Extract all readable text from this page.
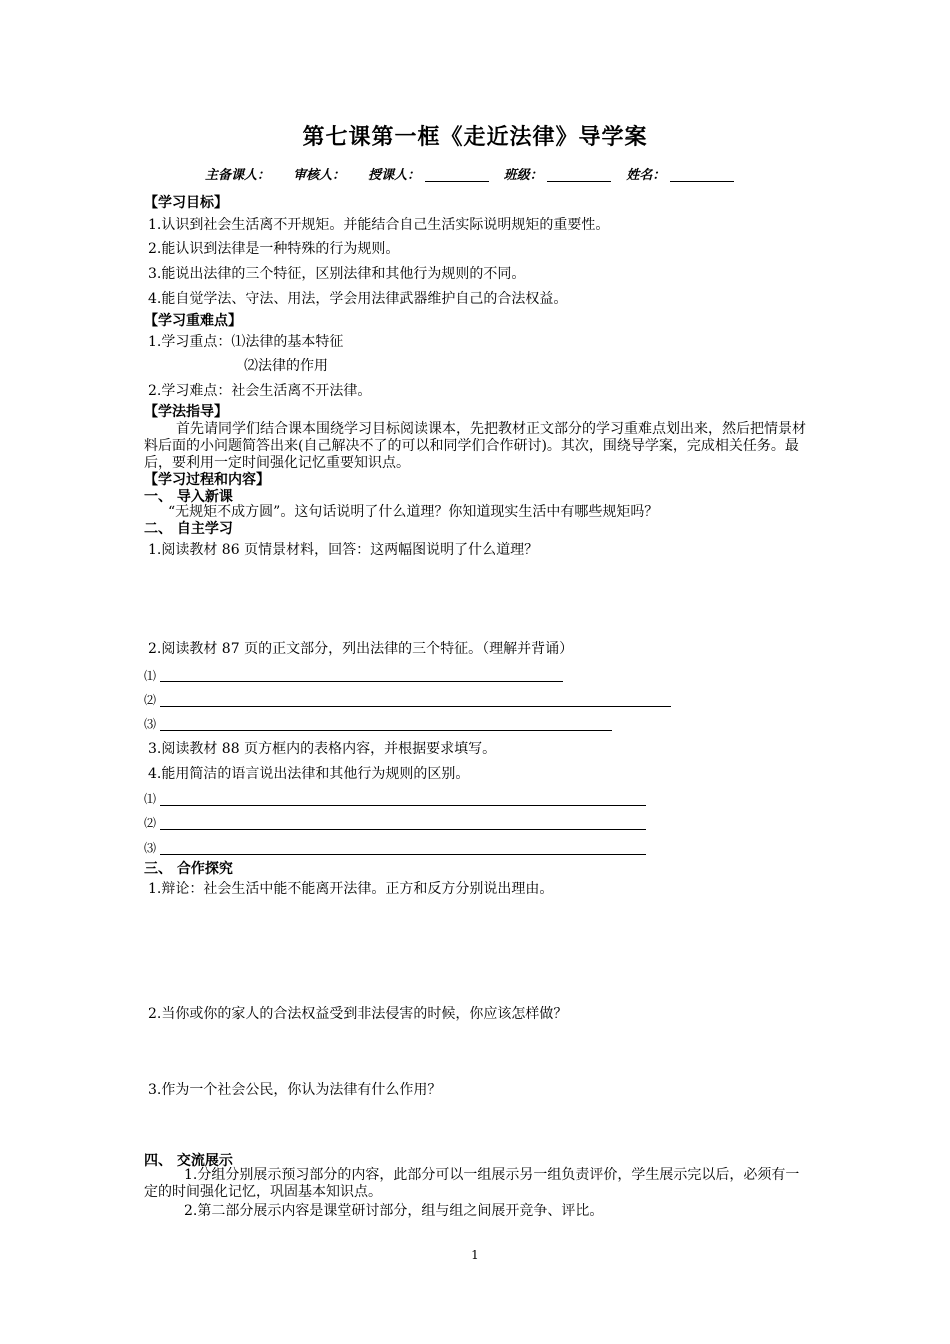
第七课第一框《走近法律》导学案
主备课人： 审核人： 授课人：	班级：	姓名：
【学习目标】
1.认识到社会生活离不开规矩。并能结合自己生活实际说明规矩的重要性。
2.能认识到法律是一种特殊的行为规则。
3.能说出法律的三个特征，区别法律和其他行为规则的不同。
4.能自觉学法、守法、用法，学会用法律武器维护自己的合法权益。
【学习重难点】
1.学习重点：⑴法律的基本特征
⑵法律的作用
2.学习难点：社会生活离不开法律。
【学法指导】
首先请同学们结合课本围绕学习目标阅读课本，先把教材正文部分的学习重难点划出来，然后把情景材料后面的小问题简答出来(自己解决不了的可以和同学们合作研讨)。其次，围绕导学案，完成相关任务。最后，要利用一定时间强化记忆重要知识点。
【学习过程和内容】
一、 导入新课
“无规矩不成方圆”。这句话说明了什么道理？你知道现实生活中有哪些规矩吗？
二、 自主学习
1.阅读教材 86 页情景材料，回答：这两幅图说明了什么道理？
2.阅读教材 87 页的正文部分，列出法律的三个特征。（理解并背诵）
⑴
⑵
⑶
3.阅读教材 88 页方框内的表格内容，并根据要求填写。
4.能用简洁的语言说出法律和其他行为规则的区别。
⑴
⑵
⑶
三、 合作探究
1.辩论：社会生活中能不能离开法律。正方和反方分别说出理由。
2.当你或你的家人的合法权益受到非法侵害的时候，你应该怎样做？
3.作为一个社会公民，你认为法律有什么作用？
四、 交流展示
1.分组分别展示预习部分的内容，此部分可以一组展示另一组负责评价，学生展示完以后，必须有一定的时间强化记忆，巩固基本知识点。
2.第二部分展示内容是课堂研讨部分，组与组之间展开竞争、评比。
1
